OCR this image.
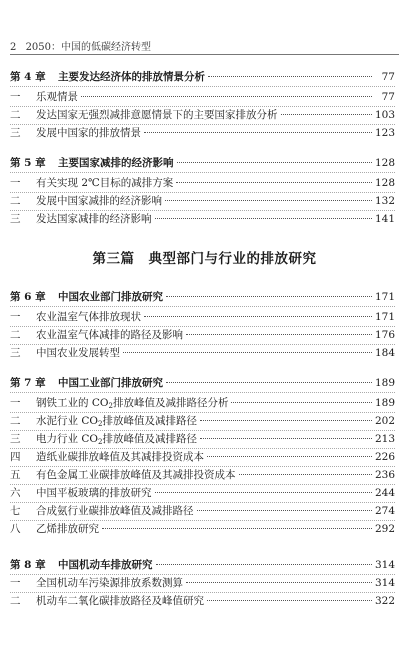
2 2050：中国的低碳经济转型
第三篇　典型部门与行业的排放研究
第 4 章	主要发达经济体的排放情景分析	77
一	乐观情景	77
二	发达国家无强烈减排意愿情景下的主要国家排放分析	103
三	发展中国家的排放情景	123
第 5 章	主要国家减排的经济影响	128
一	有关实现 2℃目标的减排方案	128
二	发展中国家减排的经济影响	132
三	发达国家减排的经济影响	141
第 6 章	中国农业部门排放研究	171
一	农业温室气体排放现状	171
二	农业温室气体减排的路径及影响	176
三	中国农业发展转型	184
第 7 章	中国工业部门排放研究	189
一	钢铁工业的 $CO_2$排放峰值及减排路径分析	189
二	水泥行业 $CO_2$排放峰值及减排路径	202
三	电力行业 $CO_2$排放峰值及减排路径	213
四	造纸业碳排放峰值及其减排投资成本	226
五	有色金属工业碳排放峰值及其减排投资成本	236
六	中国平板玻璃的排放研究	244
七	合成氨行业碳排放峰值及减排路径	274
八	乙烯排放研究	292
第 8 章	中国机动车排放研究	314
一	全国机动车污染源排放系数测算	314
二	机动车二氧化碳排放路径及峰值研究	322
